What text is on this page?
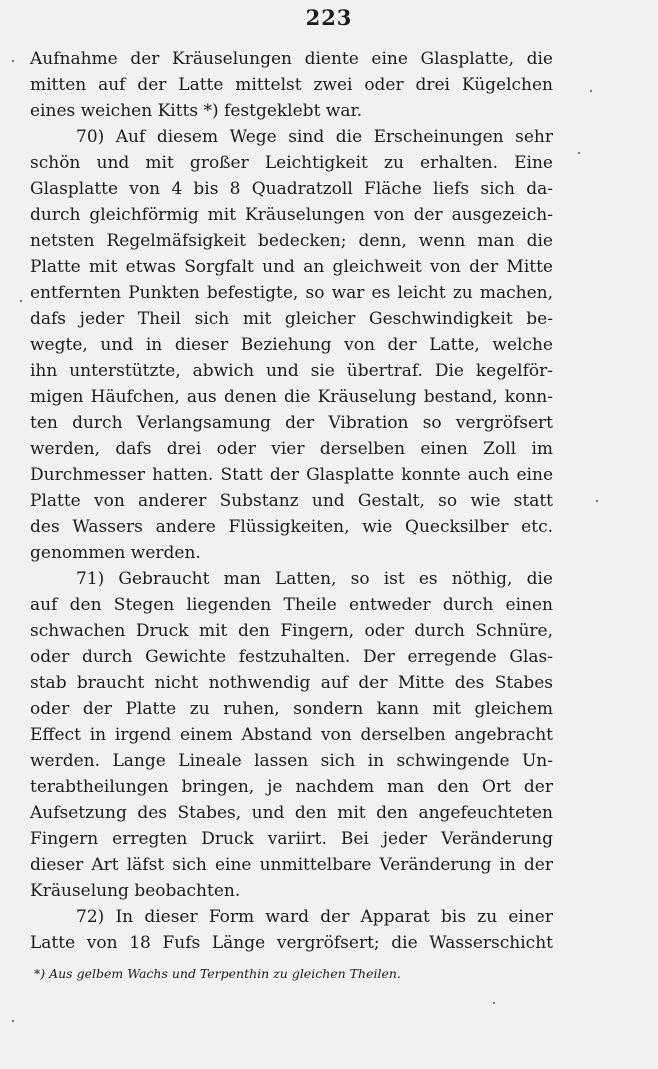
223
Aufnahme der Kräuselungen diente eine Glasplatte, die
mitten auf der Latte mittelst zwei oder drei Kügelchen
eines weichen Kitts *) festgeklebt war.
70) Auf diesem Wege sind die Erscheinungen sehr
schön und mit großer Leichtigkeit zu erhalten. Eine
Glasplatte von 4 bis 8 Quadratzoll Fläche liefs sich da-
durch gleichförmig mit Kräuselungen von der ausgezeich-
netsten Regelmäfsigkeit bedecken; denn, wenn man die
Platte mit etwas Sorgfalt und an gleichweit von der Mitte
entfernten Punkten befestigte, so war es leicht zu machen,
dafs jeder Theil sich mit gleicher Geschwindigkeit be-
wegte, und in dieser Beziehung von der Latte, welche
ihn unterstützte, abwich und sie übertraf. Die kegelför-
migen Häufchen, aus denen die Kräuselung bestand, konn-
ten durch Verlangsamung der Vibration so vergröfsert
werden, dafs drei oder vier derselben einen Zoll im
Durchmesser hatten. Statt der Glasplatte konnte auch eine
Platte von anderer Substanz und Gestalt, so wie statt
des Wassers andere Flüssigkeiten, wie Quecksilber etc.
genommen werden.
71) Gebraucht man Latten, so ist es nöthig, die
auf den Stegen liegenden Theile entweder durch einen
schwachen Druck mit den Fingern, oder durch Schnüre,
oder durch Gewichte festzuhalten. Der erregende Glas-
stab braucht nicht nothwendig auf der Mitte des Stabes
oder der Platte zu ruhen, sondern kann mit gleichem
Effect in irgend einem Abstand von derselben angebracht
werden. Lange Lineale lassen sich in schwingende Un-
terabtheilungen bringen, je nachdem man den Ort der
Aufsetzung des Stabes, und den mit den angefeuchteten
Fingern erregten Druck variirt. Bei jeder Veränderung
dieser Art läfst sich eine unmittelbare Veränderung in der
Kräuselung beobachten.
72) In dieser Form ward der Apparat bis zu einer
Latte von 18 Fufs Länge vergröfsert; die Wasserschicht
*) Aus gelbem Wachs und Terpenthin zu gleichen Theilen.
